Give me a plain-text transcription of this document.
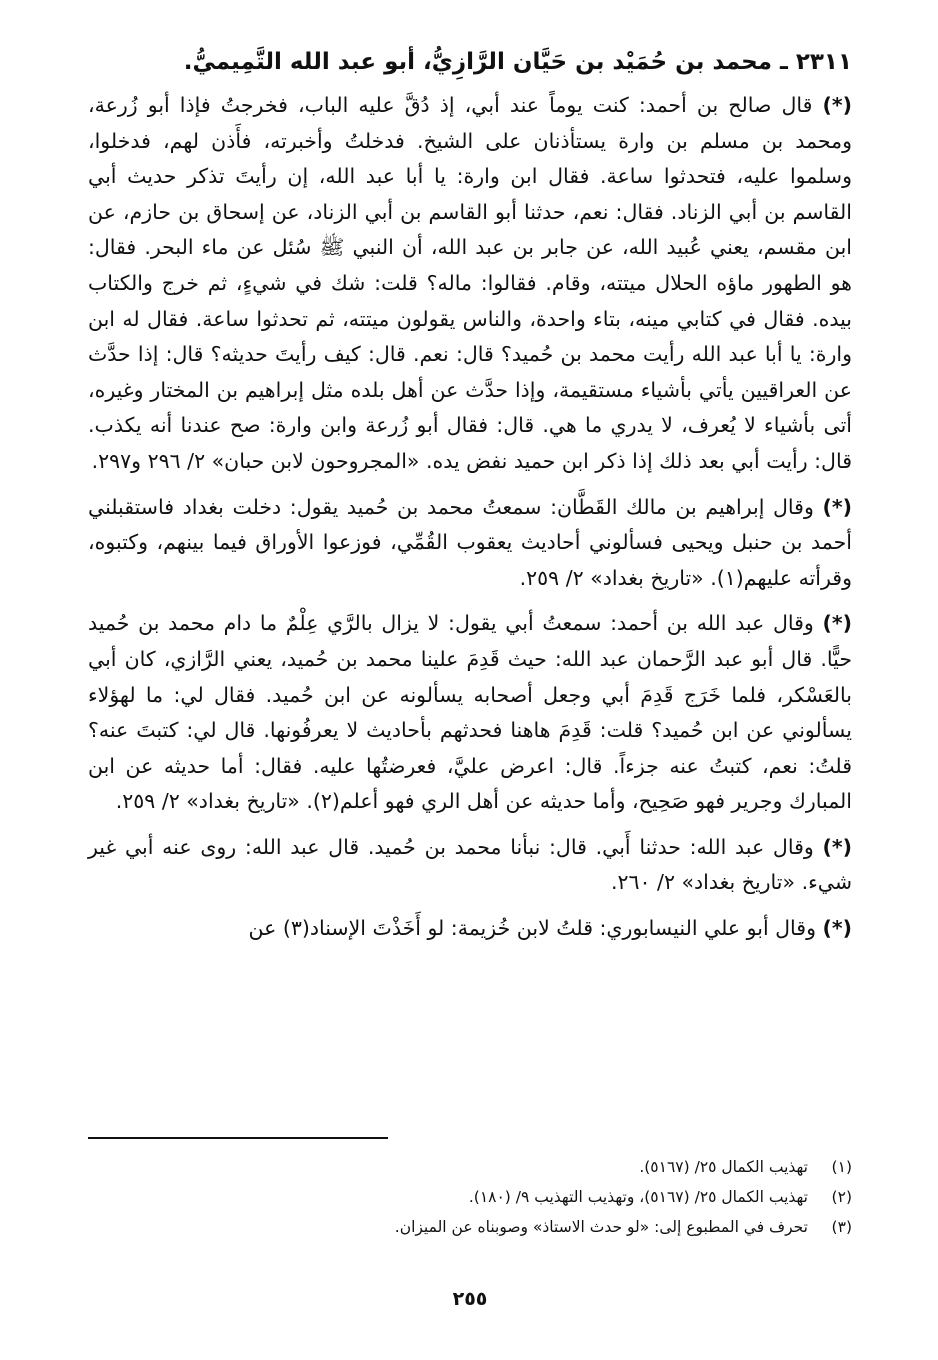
٢٣١١ ـ محمد بن حُمَيْد بن حَيَّان الرَّازِيُّ، أبو عبد الله التَّمِيميُّ.
(*) قال صالح بن أحمد: كنت يوماً عند أبي، إذ دُقَّ عليه الباب، فخرجتُ فإذا أبو زُرعة، ومحمد بن مسلم بن وارة يستأذنان على الشيخ. فدخلتُ وأخبرته، فأَذن لهم، فدخلوا، وسلموا عليه، فتحدثوا ساعة. فقال ابن وارة: يا أبا عبد الله، إن رأيتَ تذكر حديث أبي القاسم بن أبي الزناد. فقال: نعم، حدثنا أبو القاسم بن أبي الزناد، عن إسحاق بن حازم، عن ابن مقسم، يعني عُبيد الله، عن جابر بن عبد الله، أن النبي ﷺ سُئل عن ماء البحر. فقال: هو الطهور ماؤه الحلال ميتته، وقام. فقالوا: ماله؟ قلت: شك في شيءٍ، ثم خرج والكتاب بيده. فقال في كتابي مينه، بتاء واحدة، والناس يقولون ميتته، ثم تحدثوا ساعة. فقال له ابن وارة: يا أبا عبد الله رأيت محمد بن حُميد؟ قال: نعم. قال: كيف رأيتَ حديثه؟ قال: إذا حدَّث عن العراقيين يأتي بأشياء مستقيمة، وإذا حدَّث عن أهل بلده مثل إبراهيم بن المختار وغيره، أتى بأشياء لا يُعرف، لا يدري ما هي. قال: فقال أبو زُرعة وابن وارة: صح عندنا أنه يكذب. قال: رأيت أبي بعد ذلك إذا ذكر ابن حميد نفض يده. «المجروحون لابن حبان» ٢/ ٢٩٦ و٢٩٧.
(*) وقال إبراهيم بن مالك القَطَّان: سمعتُ محمد بن حُميد يقول: دخلت بغداد فاستقبلني أحمد بن حنبل ويحيى فسألوني أحاديث يعقوب القُمِّي، فوزعوا الأوراق فيما بينهم، وكتبوه، وقرأته عليهم(١). «تاريخ بغداد» ٢/ ٢٥٩.
(*) وقال عبد الله بن أحمد: سمعتُ أبي يقول: لا يزال بالرَّي عِلْمٌ ما دام محمد بن حُميد حيًّا. قال أبو عبد الرَّحمان عبد الله: حيث قَدِمَ علينا محمد بن حُميد، يعني الرَّازي، كان أبي بالعَسْكر، فلما خَرَج قَدِمَ أبي وجعل أصحابه يسألونه عن ابن حُميد. فقال لي: ما لهؤلاء يسألوني عن ابن حُميد؟ قلت: قَدِمَ هاهنا فحدثهم بأحاديث لا يعرفُونها. قال لي: كتبتَ عنه؟ قلتُ: نعم، كتبتُ عنه جزءاً. قال: اعرض عليَّ، فعرضتُها عليه. فقال: أما حديثه عن ابن المبارك وجرير فهو صَحِيح، وأما حديثه عن أهل الري فهو أعلم(٢). «تاريخ بغداد» ٢/ ٢٥٩.
(*) وقال عبد الله: حدثنا أَبي. قال: نبأنا محمد بن حُميد. قال عبد الله: روى عنه أبي غير شيء. «تاريخ بغداد» ٢/ ٢٦٠.
(*) وقال أبو علي النيسابوري: قلتُ لابن خُزيمة: لو أَخَذْتَ الإسناد(٣) عن
(١)تهذيب الكمال ٢٥/ (٥١٦٧).
(٢)تهذيب الكمال ٢٥/ (٥١٦٧)، وتهذيب التهذيب ٩/ (١٨٠).
(٣)تحرف في المطبوع إلى: «لو حدث الاستاذ» وصوبناه عن الميزان.
٢٥٥
